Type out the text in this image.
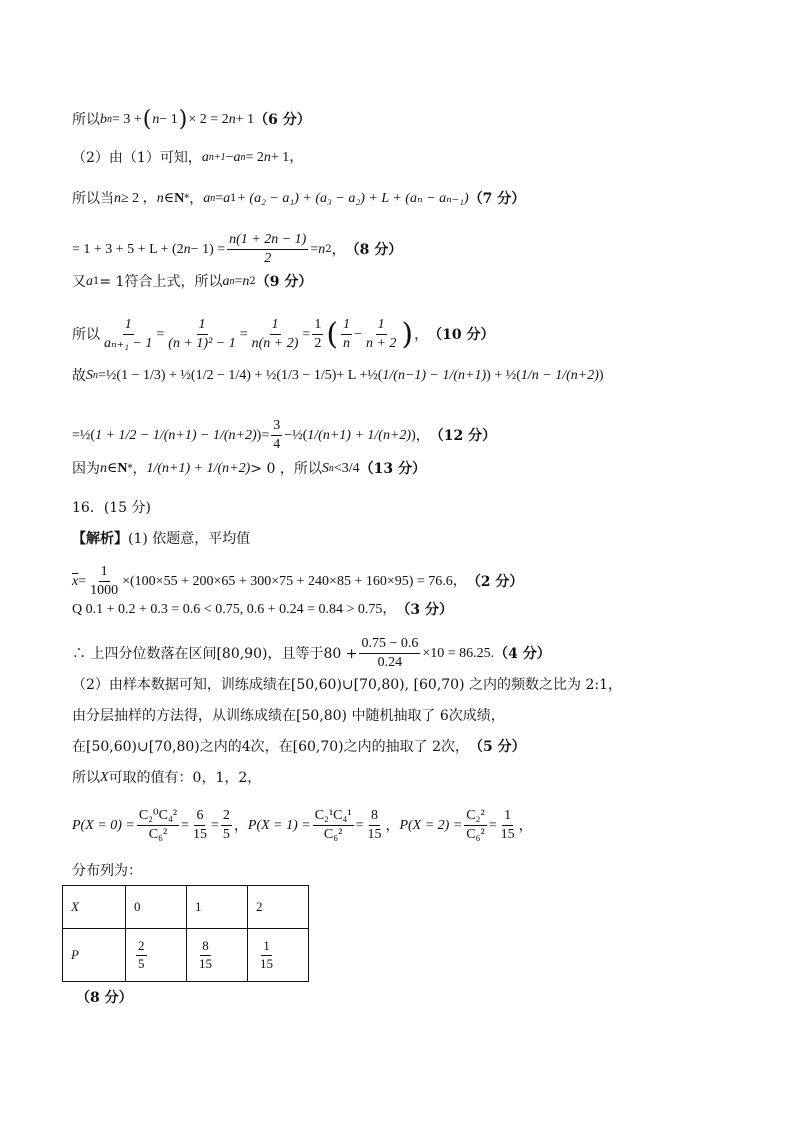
所以 b n = 3 + ( n − 1 ) × 2 = 2 n + 1 （6 分）
（2）由（1）可知， a n+1 − a n = 2 n + 1，
所以当 n ≥ 2 ， n ∈ N * ， a n = a 1 + (a₂ − a₁) + (a₃ − a₂) + L + (aₙ − aₙ₋₁) （7 分）
= 1 + 3 + 5 + L + (2 $n - 1) = \frac{n(1 + 2n - 1)}{2} = n$ 2 ， （8 分）
又 a 1 = 1符合上式，所以 a n = n 2 （9 分）
所以 $\frac{1}{\text{aₙ₊₁ − 1}} = \frac{1}{\text{(n + 1)² − 1}} = \frac{1}{n(n + 2)} = \frac{1}{2}$ ( 1
n
− $\frac{1}{n + 2}$ ) ， （10 分）
故 S n = ½( 1 − 1/3 ) + ½( 1/2 − 1/4 ) + ½( 1/3 − 1/5 ) + L + ½( 1/(n−1) − 1/(n+1) ) + ½( 1/n − 1/(n+2) )
= ½( 1 + 1/2 − 1/(n+1) − 1/(n+2) ) = $\frac{3}{4}$ − ½( 1/(n+1) + 1/(n+2) ) ， （12 分）
因为 n ∈ N * ， 1/(n+1) + 1/(n+2) > 0 ，所以 S n < 3/4 （13 分）
16．(15 分)
【解析】 (1) 依题意，平均值
$\overline{x} = \frac{1}{1000} \times(100\times 55 + 200\times 65 + 300\times 75 + 240\times 85 + 160\times 95) = 76.6$， （2 分）
Q 0.1 + 0.2 + 0.3 = 0.6 < 0.75, 0.6 + 0.24 = 0.84 > 0.75， （3 分）
∴ 上四分位数落在区间[80,90)，且等于$80 + \frac{0.75 - 0.6}{0.24} \times 10 = 86.25$. （4 分）
（2）由样本数据可知，训练成绩在[50,60)∪[70,80), [60,70) 之内的频数之比为 2:1，
由分层抽样的方法得，从训练成绩在[50,80) 中随机抽取了 6次成绩，
在[50,60)∪[70,80)之内的4次，在[60,70)之内的抽取了 2次， （5 分）
所以 X 可取的值有：0，1，2，
$P(X = 0) = \frac{\text{C₂⁰C₄²}}{\text{C₆²}} = \frac{6}{15} = \frac{2}{5}$ ， $P(X = 1) = \frac{\text{C₂¹C₄¹}}{\text{C₆²}} = \frac{8}{15}$ ， $P(X = 2) = \frac{\text{C₂²}}{\text{C₆²}} = \frac{1}{15}$ ，
分布列为：
X	0	1	2
P	$\frac{2}{5}$	$\frac{8}{15}$	$\frac{1}{15}$
（8 分）
